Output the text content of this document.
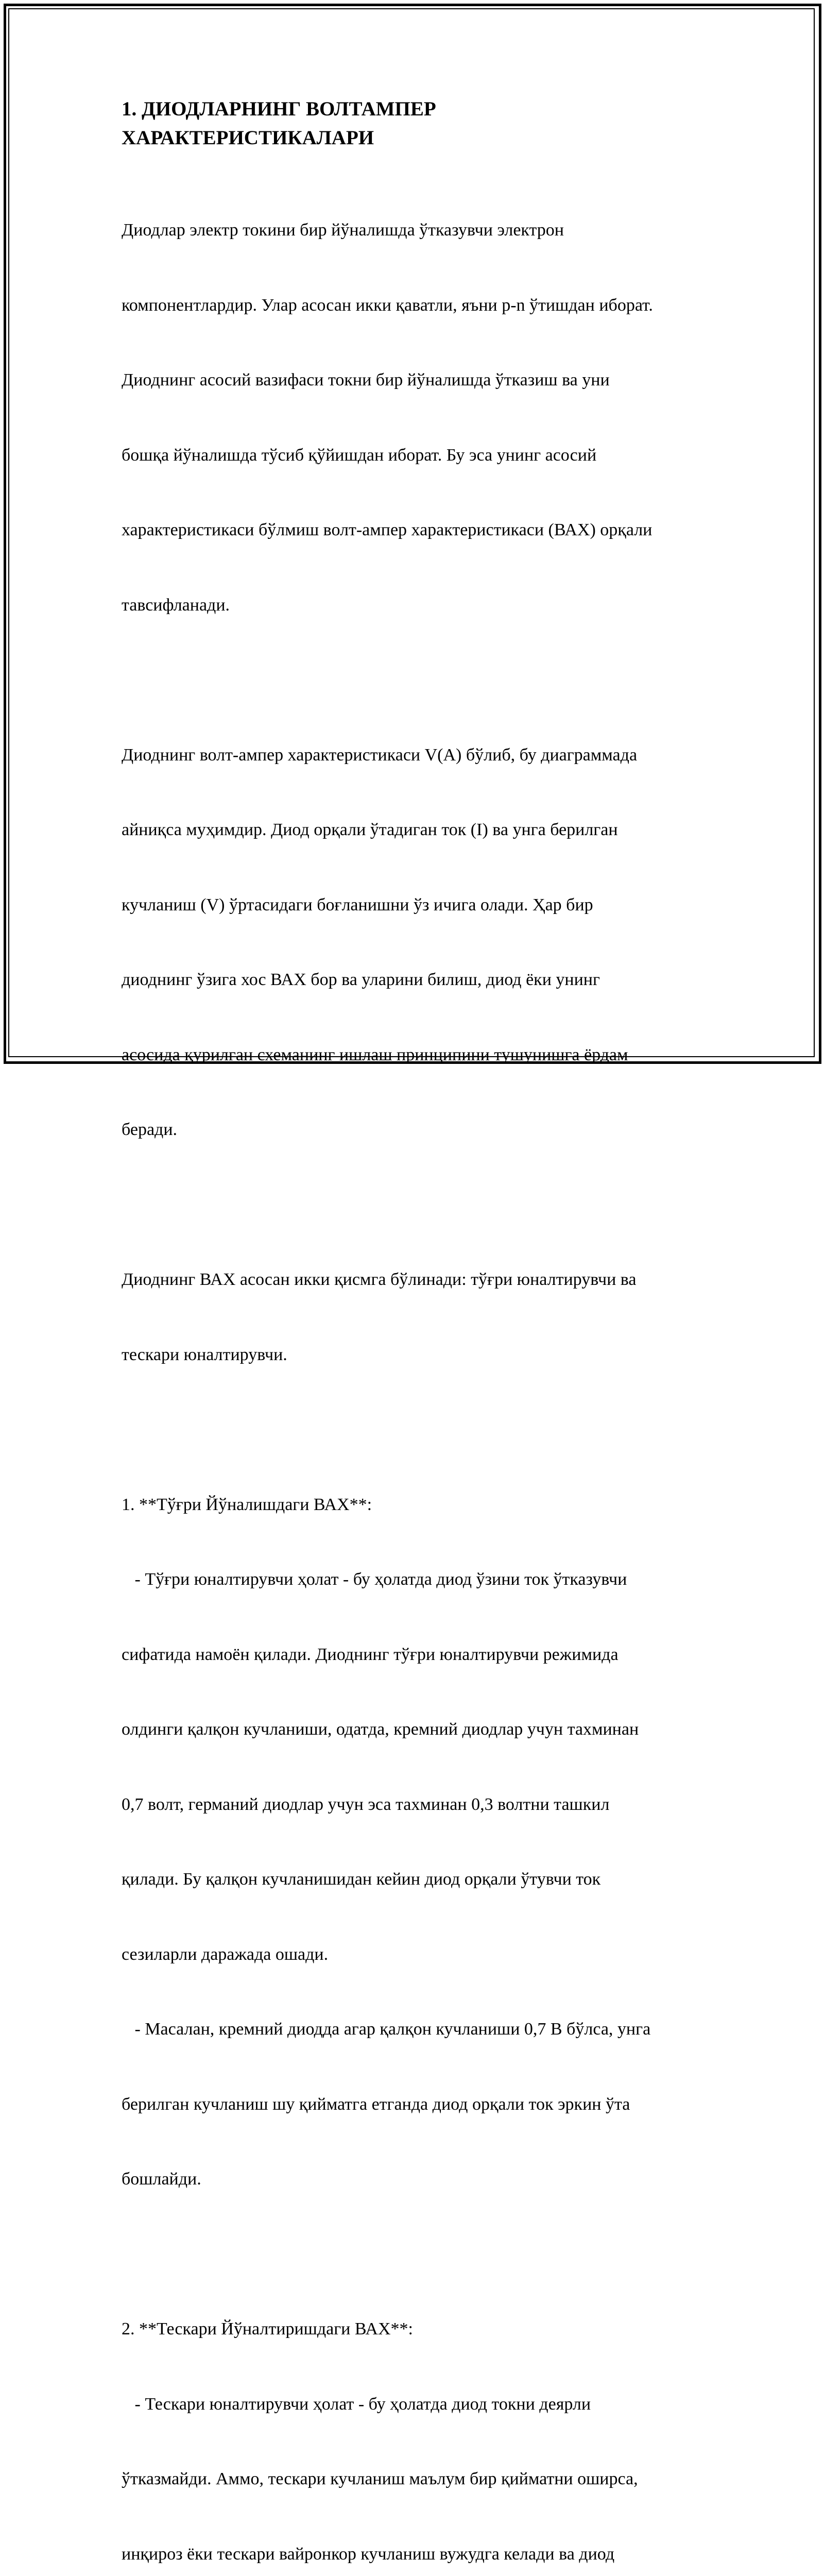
1. ДИОДЛАРНИНГ ВОЛТАМПЕР
ХАРАКТЕРИСТИКАЛАРИ

Диодлар электр токини бир йўналишда ўтказувчи электрон

компонентлардир. Улар асосан икки қаватли, яъни p-n ўтишдан иборат.

Диоднинг асосий вазифаси токни бир йўналишда ўтказиш ва уни

бошқа йўналишда тўсиб қўйишдан иборат. Бу эса унинг асосий

характеристикаси бўлмиш волт-ампер характеристикаси (ВАХ) орқали

тавсифланади.

Диоднинг волт-ампер характеристикаси V(A) бўлиб, бу диаграммада

айниқса муҳимдир. Диод орқали ўтадиган ток (I) ва унга берилган

кучланиш (V) ўртасидаги боғланишни ўз ичига олади. Ҳар бир

диоднинг ўзига хос ВАХ бор ва уларини билиш, диод ёки унинг

асосида қурилган схеманинг ишлаш принципини тушунишга ёрдам

беради.

Диоднинг ВАХ асосан икки қисмга бўлинади: тўғри юналтирувчи ва

тескари юналтирувчи.

1. **Тўғри Йўналишдаги ВАХ**:

- Тўғри юналтирувчи ҳолат - бу ҳолатда диод ўзини ток ўтказувчи

сифатида намоён қилади. Диоднинг тўғри юналтирувчи режимида

олдинги қалқон кучланиши, одатда, кремний диодлар учун тахминан

0,7 волт, германий диодлар учун эса тахминан 0,3 волтни ташкил

қилади. Бу қалқон кучланишидан кейин диод орқали ўтувчи ток

сезиларли даражада ошади.

- Масалан, кремний диодда агар қалқон кучланиши 0,7 В бўлса, унга

берилган кучланиш шу қийматга етганда диод орқали ток эркин ўта

бошлайди.

2. **Тескари Йўналтиришдаги ВАХ**:

- Тескари юналтирувчи ҳолат - бу ҳолатда диод токни деярли

ўтказмайди. Аммо, тескари кучланиш маълум бир қийматни оширса,

инқироз ёки тескари вайронкор кучланиш вужудга келади ва диод
